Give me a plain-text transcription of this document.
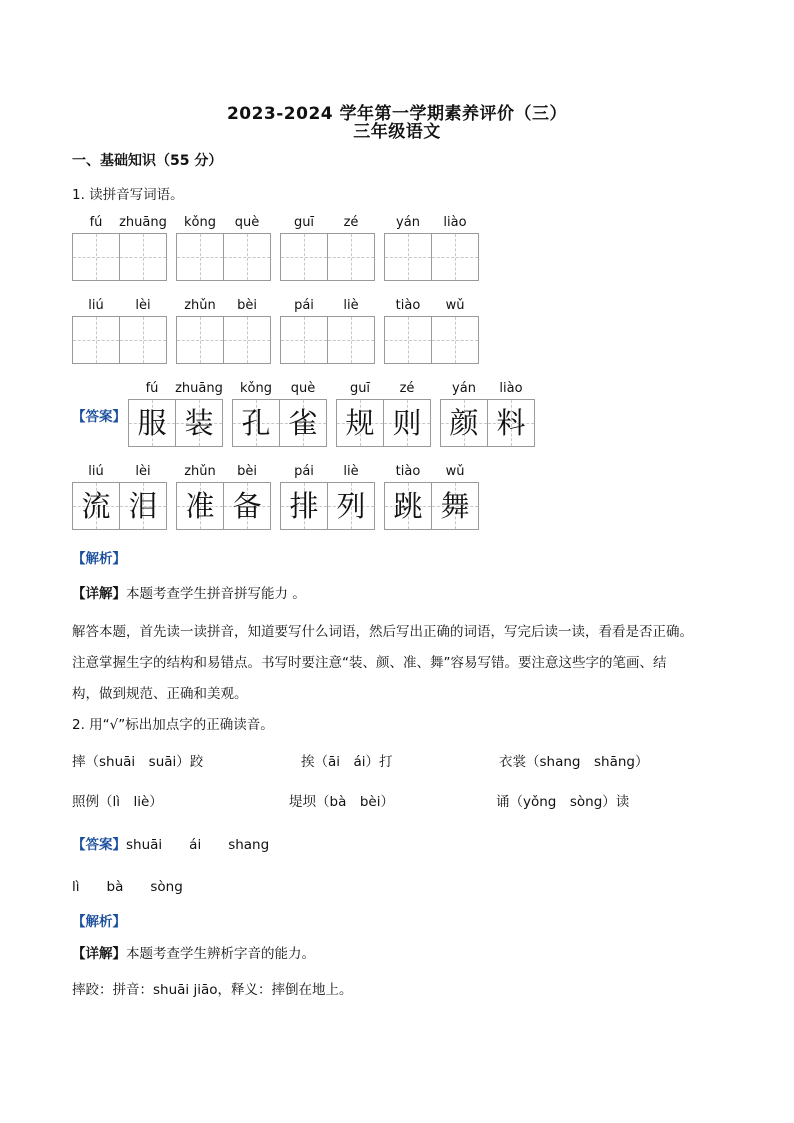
2023-2024 学年第一学期素养评价（三）
三年级语文
一、基础知识（55 分）
1. 读拼音写词语。
fú	zhuāng	kǒng	què	guī	zé	yán	liào
liú	lèi	zhǔn	bèi	pái	liè	tiào	wǔ
【答案】
fú	zhuāng	kǒng	què	guī	zé	yán	liào
服 装 孔 雀 规 则 颜 料
liú	lèi	zhǔn	bèi	pái	liè	tiào	wǔ
流 泪 准 备 排 列 跳 舞
【解析】
【详解】本题考查学生拼音拼写能力 。
解答本题，首先读一读拼音，知道要写什么词语，然后写出正确的词语，写完后读一读，看看是否正确。
注意掌握生字的结构和易错点。书写时要注意“装、颜、准、舞”容易写错。要注意这些字的笔画、结
构，做到规范、正确和美观。
2. 用“√”标出加点字的正确读音。
摔（shuāi　suāi）跤	挨（āi　ái）打	衣裳（shang　shāng）
照例（lì　liè）	堤坝（bà　bèi）	诵（yǒng　sòng）读
【答案】shuāi　　ái　　shang
lì　　bà　　sòng
【解析】
【详解】本题考查学生辨析字音的能力。
摔跤：拼音：shuāi jiāo，释义：摔倒在地上。
